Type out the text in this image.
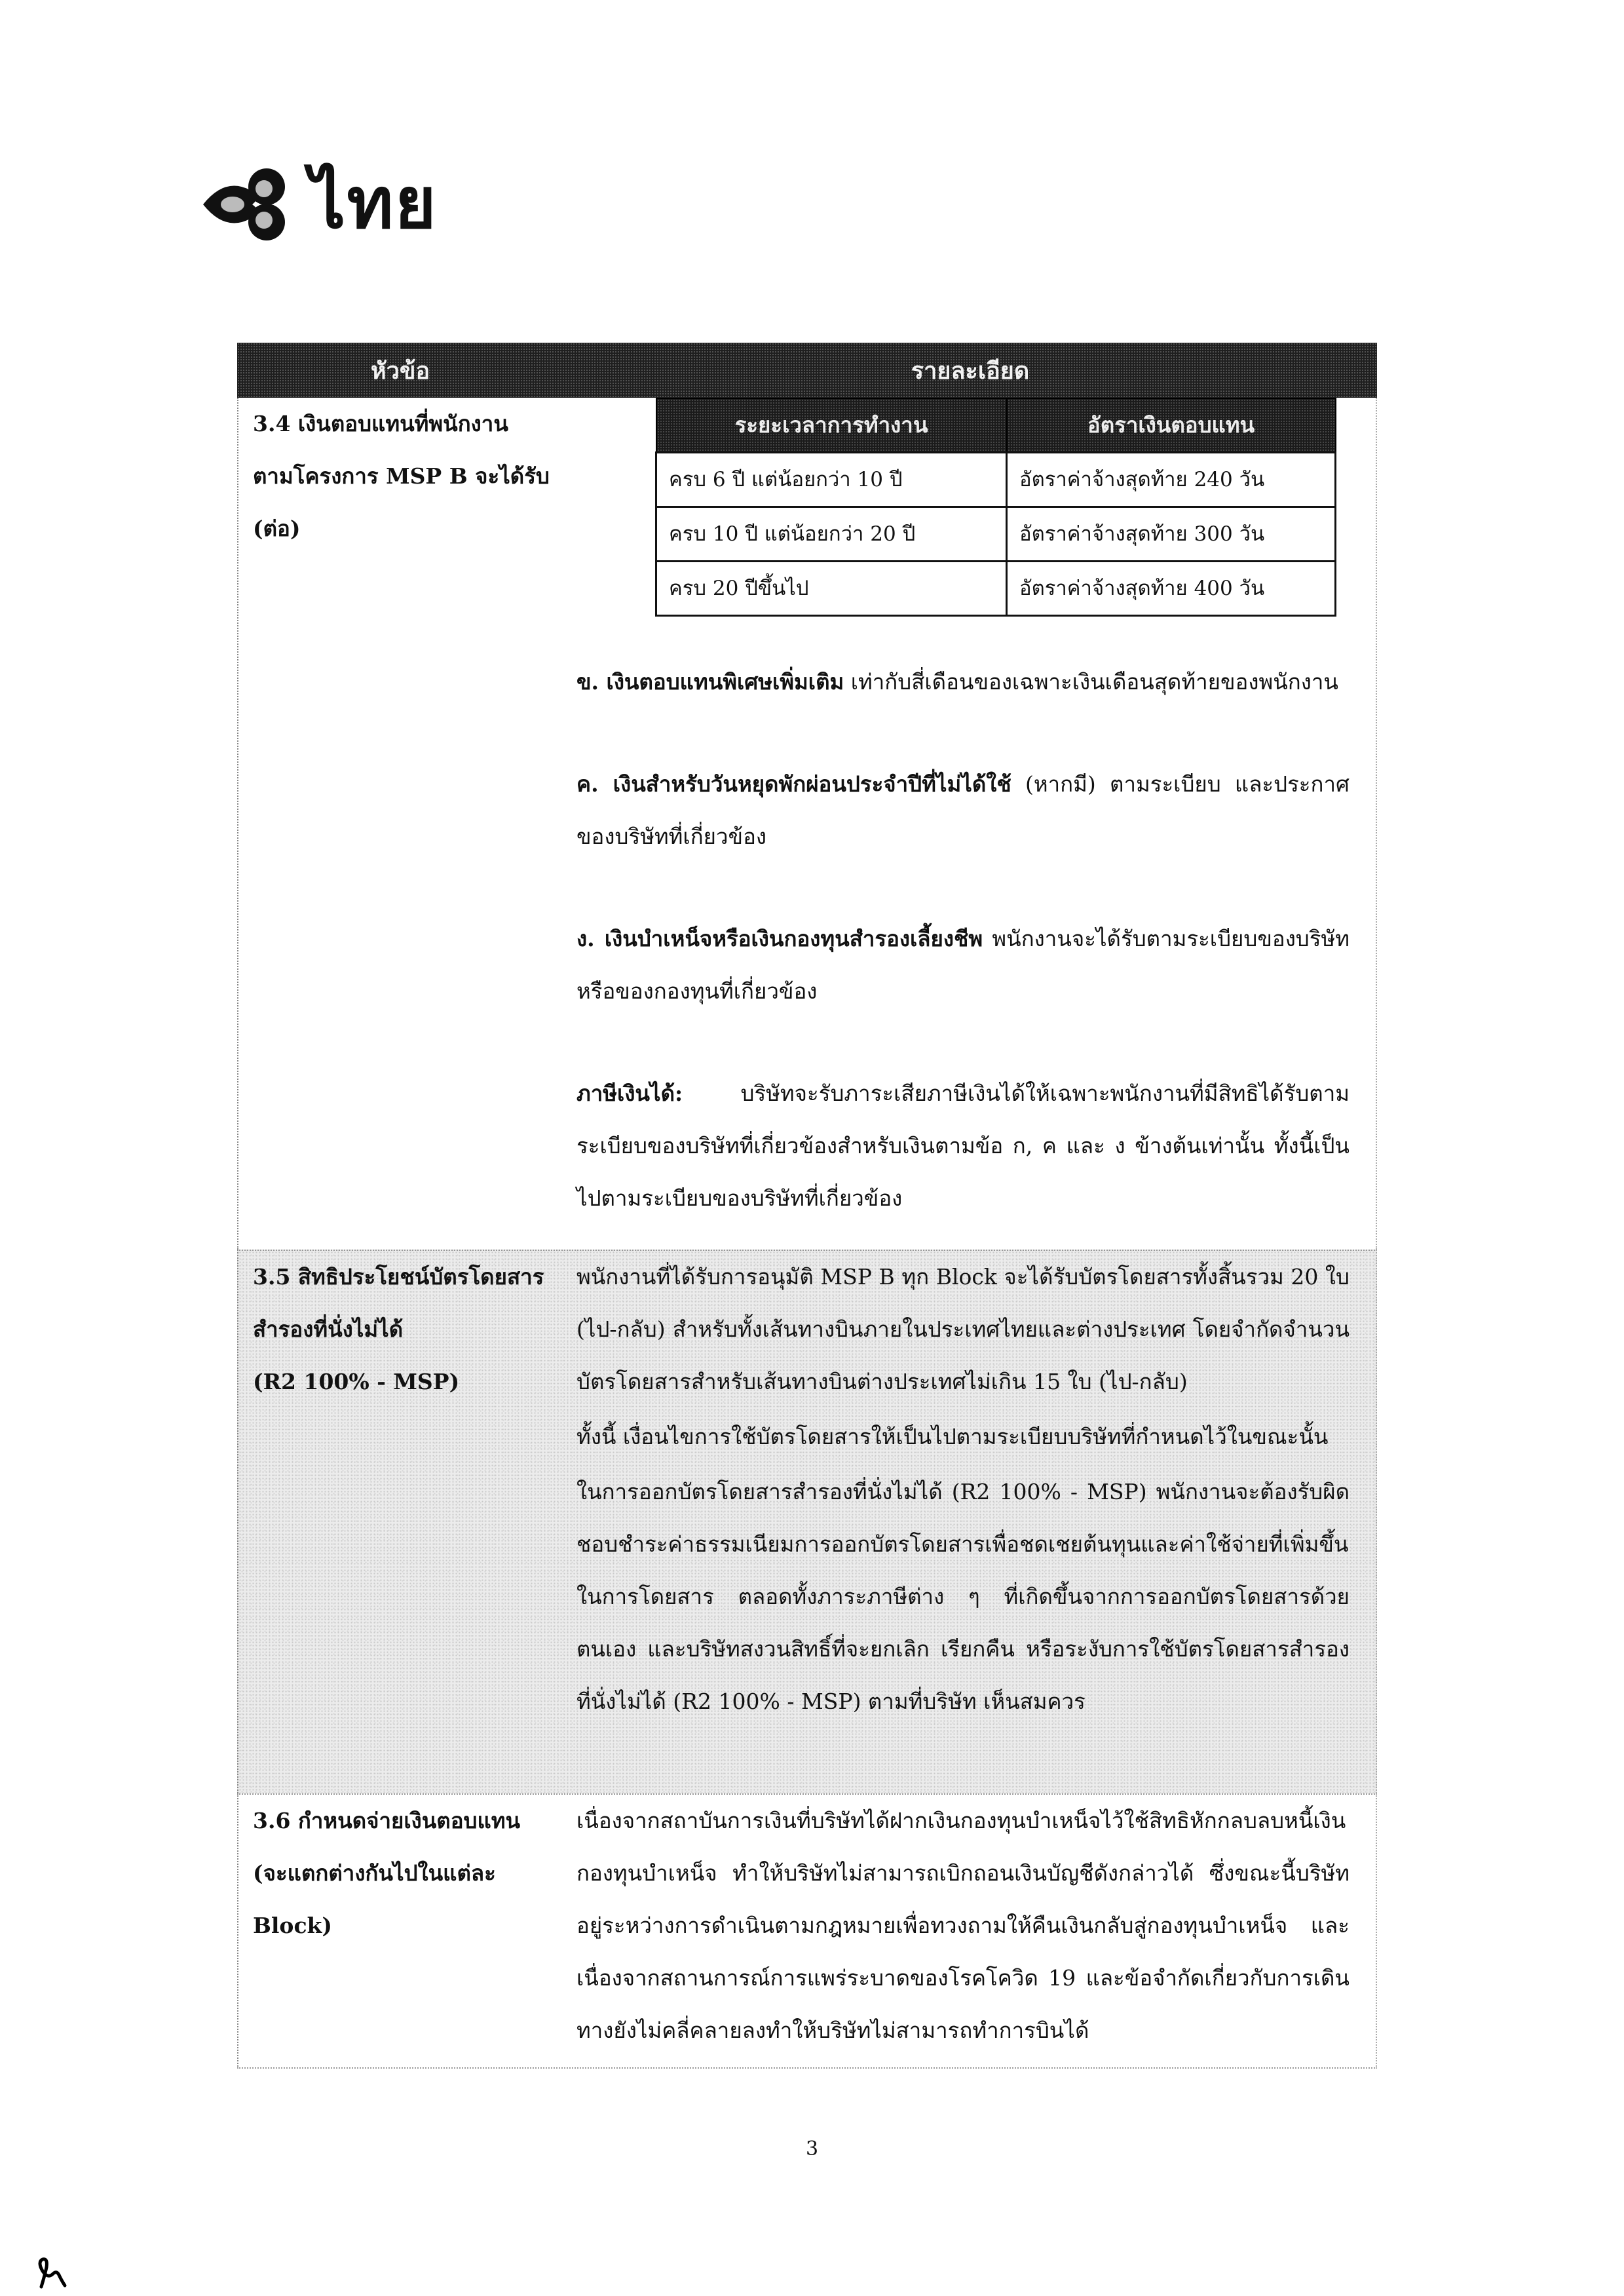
ไทย
หัวข้อ	รายละเอียด
3.4 เงินตอบแทนที่พนักงาน
ตามโครงการ MSP B จะได้รับ
(ต่อ)
ระยะเวลาการทำงาน	อัตราเงินตอบแทน
ครบ 6 ปี แต่น้อยกว่า 10 ปี	อัตราค่าจ้างสุดท้าย 240 วัน
ครบ 10 ปี แต่น้อยกว่า 20 ปี	อัตราค่าจ้างสุดท้าย 300 วัน
ครบ 20 ปีขึ้นไป	อัตราค่าจ้างสุดท้าย 400 วัน

ข. เงินตอบแทนพิเศษเพิ่มเติม เท่ากับสี่เดือนของเฉพาะเงินเดือนสุดท้ายของพนักงาน

ค. เงินสำหรับวันหยุดพักผ่อนประจำปีที่ไม่ได้ใช้ (หากมี) ตามระเบียบ และประกาศของบริษัทที่เกี่ยวข้อง

ง. เงินบำเหน็จหรือเงินกองทุนสำรองเลี้ยงชีพ พนักงานจะได้รับตามระเบียบของบริษัทหรือของกองทุนที่เกี่ยวข้อง

ภาษีเงินได้: บริษัทจะรับภาระเสียภาษีเงินได้ให้เฉพาะพนักงานที่มีสิทธิได้รับตามระเบียบของบริษัทที่เกี่ยวข้องสำหรับเงินตามข้อ ก, ค และ ง ข้างต้นเท่านั้น ทั้งนี้เป็นไปตามระเบียบของบริษัทที่เกี่ยวข้อง

3.5 สิทธิประโยชน์บัตรโดยสาร
สำรองที่นั่งไม่ได้
(R2 100% - MSP)

พนักงานที่ได้รับการอนุมัติ MSP B ทุก Block จะได้รับบัตรโดยสารทั้งสิ้นรวม 20 ใบ (ไป-กลับ) สำหรับทั้งเส้นทางบินภายในประเทศไทยและต่างประเทศ โดยจำกัดจำนวนบัตรโดยสารสำหรับเส้นทางบินต่างประเทศไม่เกิน 15 ใบ (ไป-กลับ)

ทั้งนี้ เงื่อนไขการใช้บัตรโดยสารให้เป็นไปตามระเบียบบริษัทที่กำหนดไว้ในขณะนั้น

ในการออกบัตรโดยสารสำรองที่นั่งไม่ได้ (R2 100% - MSP) พนักงานจะต้องรับผิดชอบชำระค่าธรรมเนียมการออกบัตรโดยสารเพื่อชดเชยต้นทุนและค่าใช้จ่ายที่เพิ่มขึ้นในการโดยสาร ตลอดทั้งภาระภาษีต่าง ๆ ที่เกิดขึ้นจากการออกบัตรโดยสารด้วยตนเอง และบริษัทสงวนสิทธิ์ที่จะยกเลิก เรียกคืน หรือระงับการใช้บัตรโดยสารสำรองที่นั่งไม่ได้ (R2 100% - MSP) ตามที่บริษัท เห็นสมควร

3.6 กำหนดจ่ายเงินตอบแทน
(จะแตกต่างกันไปในแต่ละ
Block)

เนื่องจากสถาบันการเงินที่บริษัทได้ฝากเงินกองทุนบำเหน็จไว้ใช้สิทธิหักกลบลบหนี้เงินกองทุนบำเหน็จ ทำให้บริษัทไม่สามารถเบิกถอนเงินบัญชีดังกล่าวได้ ซึ่งขณะนี้บริษัทอยู่ระหว่างการดำเนินตามกฎหมายเพื่อทวงถามให้คืนเงินกลับสู่กองทุนบำเหน็จ และเนื่องจากสถานการณ์การแพร่ระบาดของโรคโควิด 19 และข้อจำกัดเกี่ยวกับการเดินทางยังไม่คลี่คลายลงทำให้บริษัทไม่สามารถทำการบินได้

3
